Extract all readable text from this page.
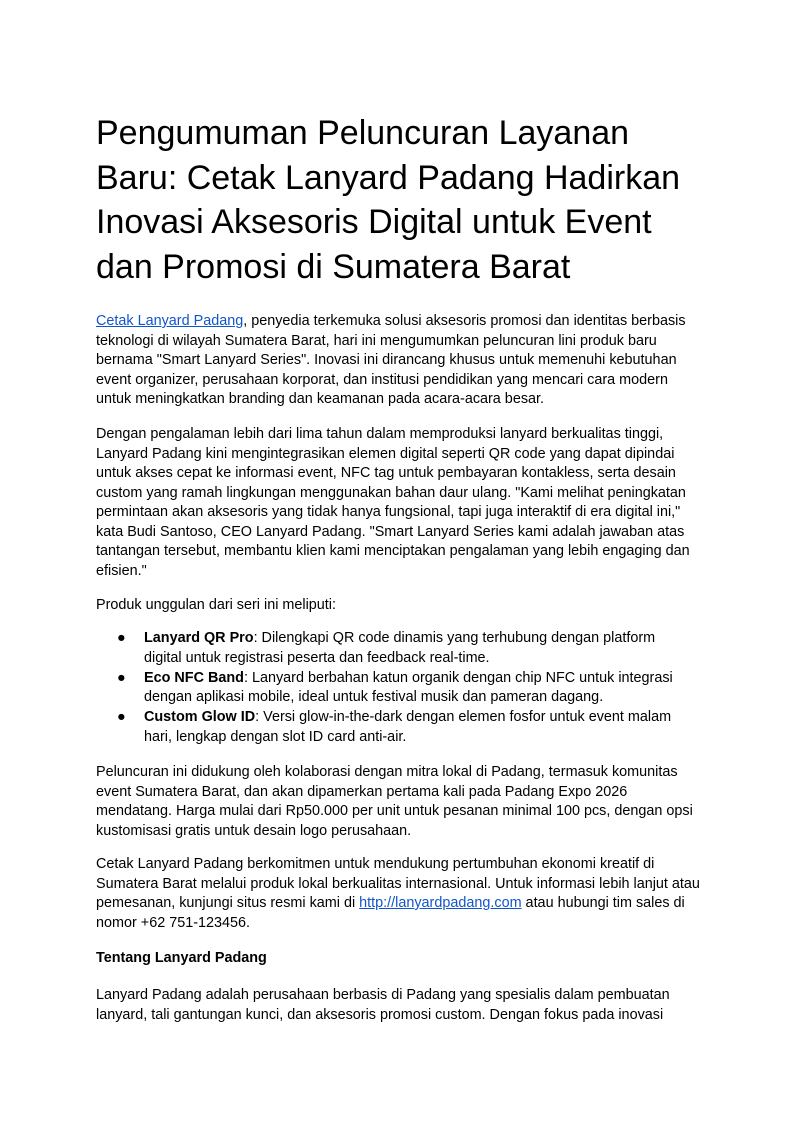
Pengumuman Peluncuran Layanan Baru: Cetak Lanyard Padang Hadirkan Inovasi Aksesoris Digital untuk Event dan Promosi di Sumatera Barat

Cetak Lanyard Padang, penyedia terkemuka solusi aksesoris promosi dan identitas berbasis teknologi di wilayah Sumatera Barat, hari ini mengumumkan peluncuran lini produk baru bernama "Smart Lanyard Series". Inovasi ini dirancang khusus untuk memenuhi kebutuhan event organizer, perusahaan korporat, dan institusi pendidikan yang mencari cara modern untuk meningkatkan branding dan keamanan pada acara-acara besar.

Dengan pengalaman lebih dari lima tahun dalam memproduksi lanyard berkualitas tinggi, Lanyard Padang kini mengintegrasikan elemen digital seperti QR code yang dapat dipindai untuk akses cepat ke informasi event, NFC tag untuk pembayaran kontakless, serta desain custom yang ramah lingkungan menggunakan bahan daur ulang. "Kami melihat peningkatan permintaan akan aksesoris yang tidak hanya fungsional, tapi juga interaktif di era digital ini," kata Budi Santoso, CEO Lanyard Padang. "Smart Lanyard Series kami adalah jawaban atas tantangan tersebut, membantu klien kami menciptakan pengalaman yang lebih engaging dan efisien."

Produk unggulan dari seri ini meliputi:

● Lanyard QR Pro: Dilengkapi QR code dinamis yang terhubung dengan platform digital untuk registrasi peserta dan feedback real-time.
● Eco NFC Band: Lanyard berbahan katun organik dengan chip NFC untuk integrasi dengan aplikasi mobile, ideal untuk festival musik dan pameran dagang.
● Custom Glow ID: Versi glow-in-the-dark dengan elemen fosfor untuk event malam hari, lengkap dengan slot ID card anti-air.

Peluncuran ini didukung oleh kolaborasi dengan mitra lokal di Padang, termasuk komunitas event Sumatera Barat, dan akan dipamerkan pertama kali pada Padang Expo 2026 mendatang. Harga mulai dari Rp50.000 per unit untuk pesanan minimal 100 pcs, dengan opsi kustomisasi gratis untuk desain logo perusahaan.

Cetak Lanyard Padang berkomitmen untuk mendukung pertumbuhan ekonomi kreatif di Sumatera Barat melalui produk lokal berkualitas internasional. Untuk informasi lebih lanjut atau pemesanan, kunjungi situs resmi kami di http://lanyardpadang.com atau hubungi tim sales di nomor +62 751-123456.

Tentang Lanyard Padang

Lanyard Padang adalah perusahaan berbasis di Padang yang spesialis dalam pembuatan lanyard, tali gantungan kunci, dan aksesoris promosi custom. Dengan fokus pada inovasi
